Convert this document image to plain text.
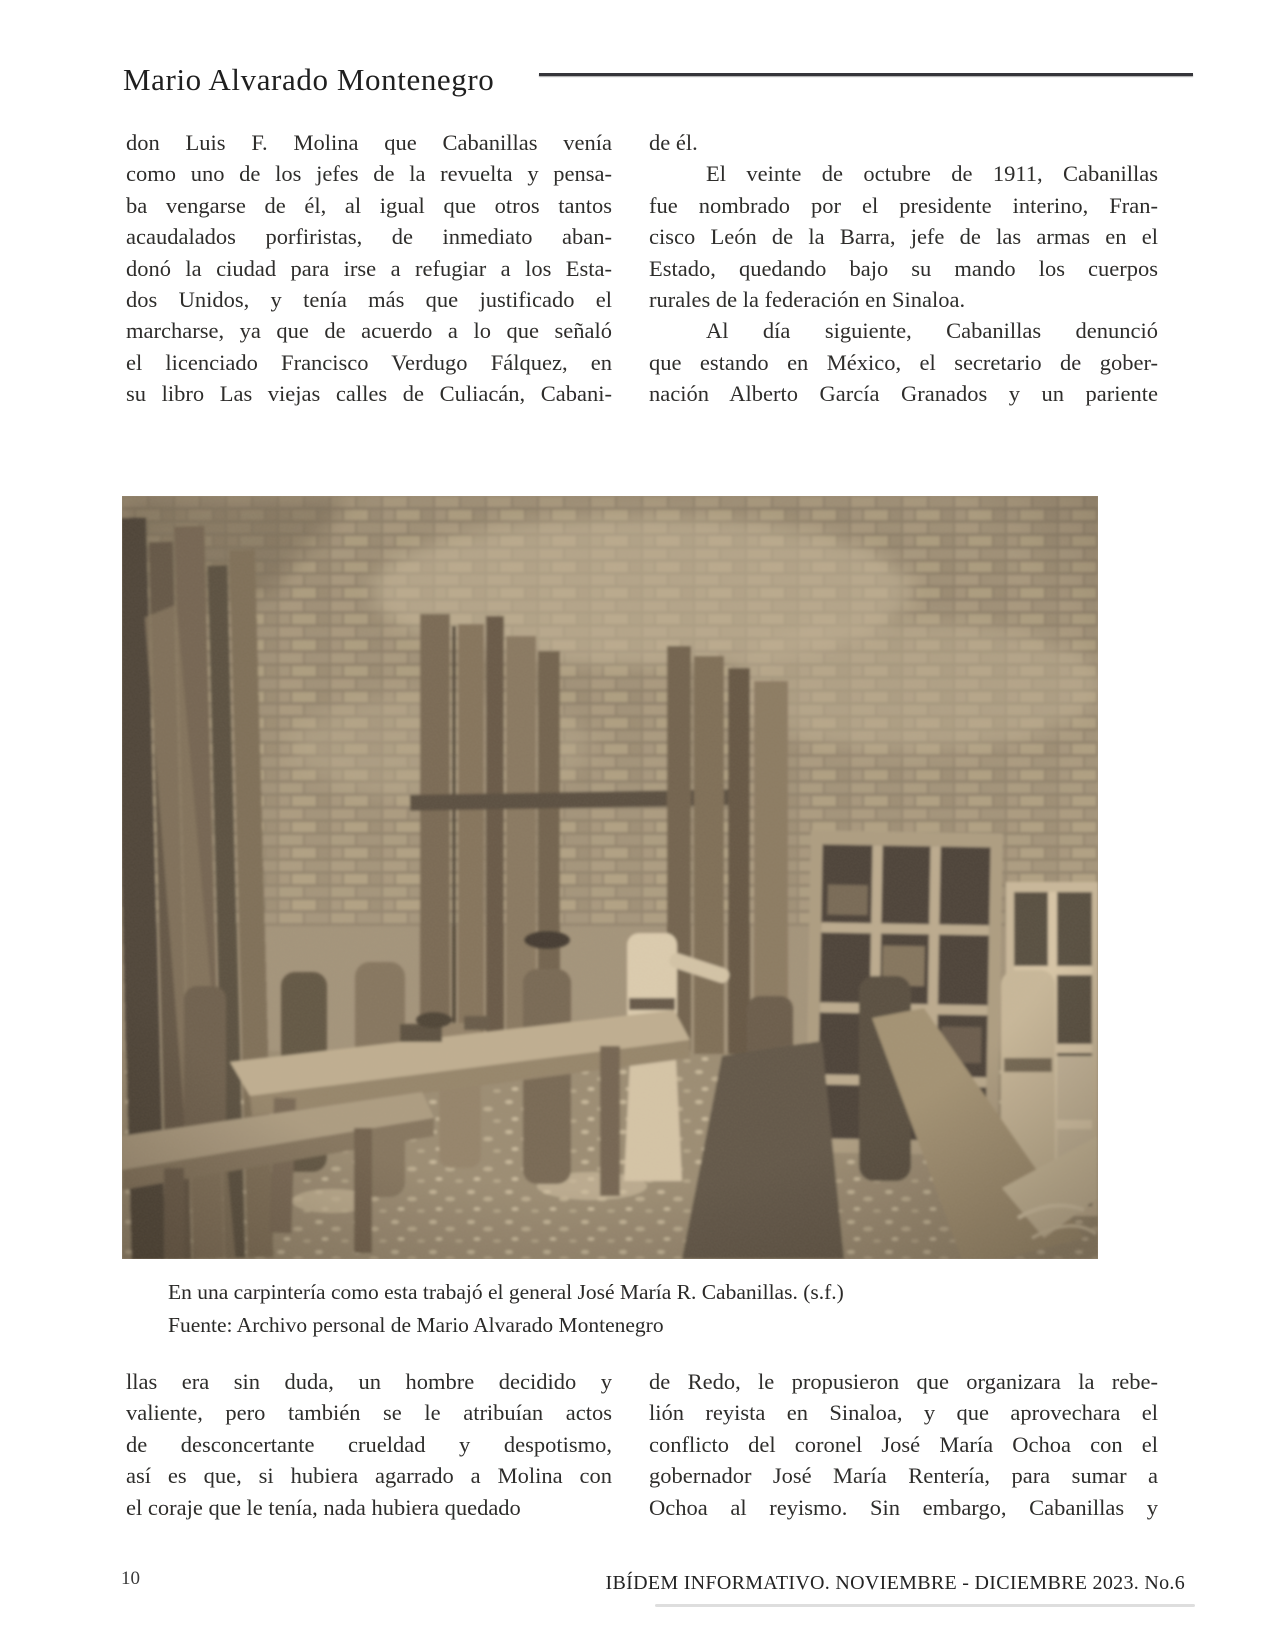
Mario Alvarado Montenegro
don Luis F. Molina que Cabanillas venía
como uno de los jefes de la revuelta y pensa-
ba vengarse de él, al igual que otros tantos
acaudalados porfiristas, de inmediato aban-
donó la ciudad para irse a refugiar a los Esta-
dos Unidos, y tenía más que justificado el
marcharse, ya que de acuerdo a lo que señaló
el licenciado Francisco Verdugo Fálquez, en
su libro Las viejas calles de Culiacán, Cabani-
de él.
El veinte de octubre de 1911, Cabanillas
fue nombrado por el presidente interino, Fran-
cisco León de la Barra, jefe de las armas en el
Estado, quedando bajo su mando los cuerpos
rurales de la federación en Sinaloa.
Al día siguiente, Cabanillas denunció
que estando en México, el secretario de gober-
nación Alberto García Granados y un pariente
En una carpintería como esta trabajó el general José María R. Cabanillas. (s.f.)
Fuente: Archivo personal de Mario Alvarado Montenegro
llas era sin duda, un hombre decidido y
valiente, pero también se le atribuían actos
de desconcertante crueldad y despotismo,
así es que, si hubiera agarrado a Molina con
el coraje que le tenía, nada hubiera quedado
de Redo, le propusieron que organizara la rebe-
lión reyista en Sinaloa, y que aprovechara el
conflicto del coronel José María Ochoa con el
gobernador José María Rentería, para sumar a
Ochoa al reyismo. Sin embargo, Cabanillas y
10	IBÍDEM INFORMATIVO. NOVIEMBRE - DICIEMBRE 2023. No.6
